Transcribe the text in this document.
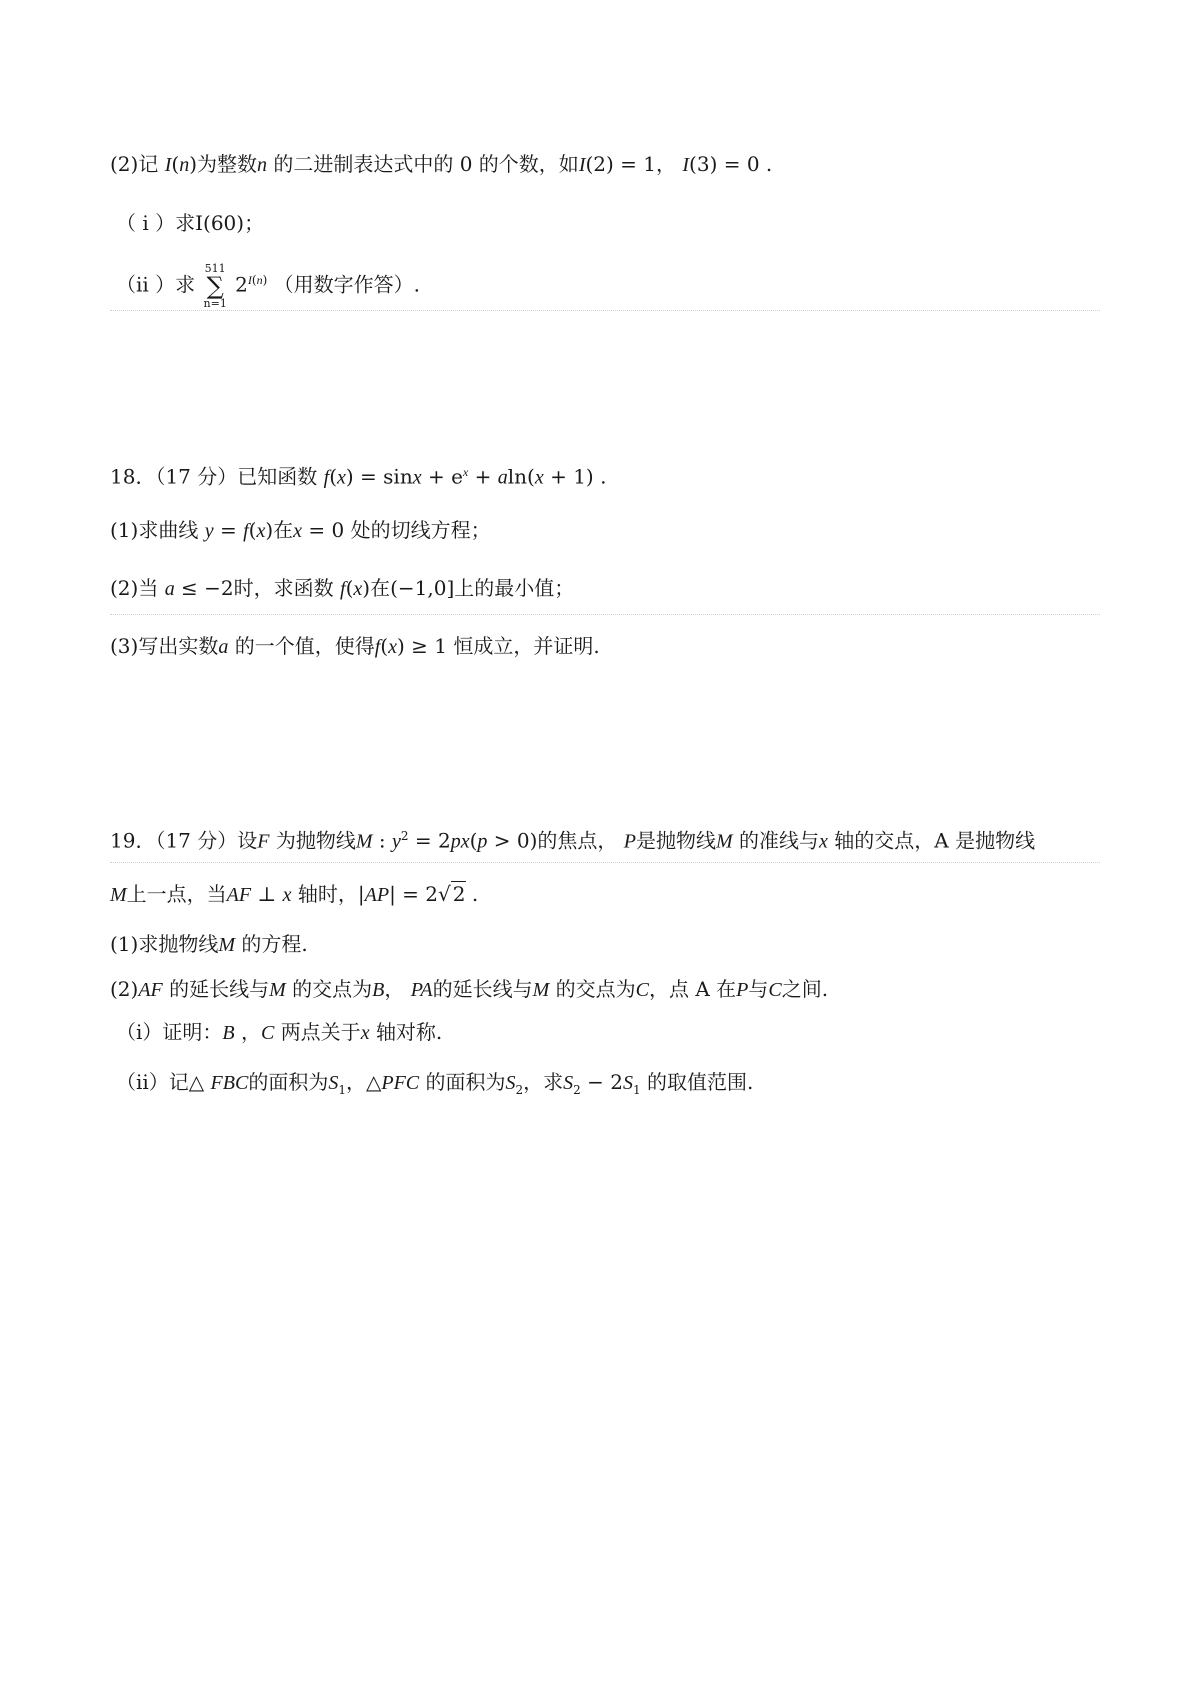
(2)记 I(n)为整数n 的二进制表达式中的 0 的个数，如I(2) = 1， I(3) = 0 .
（ i ）求I(60)；
（ii ）求
511
∑
n=1
$2^{I(n)}$ （用数字作答）.
18．（17 分）已知函数 $f(x) = \sin x + e^x + aln(x + 1)$ .
(1)求曲线 y = f(x)在x = 0 处的切线方程；
(2)当 a ≤ −2时，求函数 f(x)在(−1,0]上的最小值；
(3)写出实数a 的一个值，使得f(x) ≥ 1 恒成立，并证明.
19．（17 分）设F 为抛物线M : $y^2 = 2px(p > 0)$的焦点， P是抛物线M 的准线与x 轴的交点，A 是抛物线
M上一点，当AF ⊥ x 轴时，|AP| = 2√ 2 .
(1)求抛物线M 的方程.
(2)AF 的延长线与M 的交点为B， PA的延长线与M 的交点为C，点 A 在P与C之间.
（i）证明：B ，C 两点关于x 轴对称.
（ii）记△ FBC的面积为$S_1$，△PFC 的面积为$S_2$，求$S_2 - 2S_1$ 的取值范围.
